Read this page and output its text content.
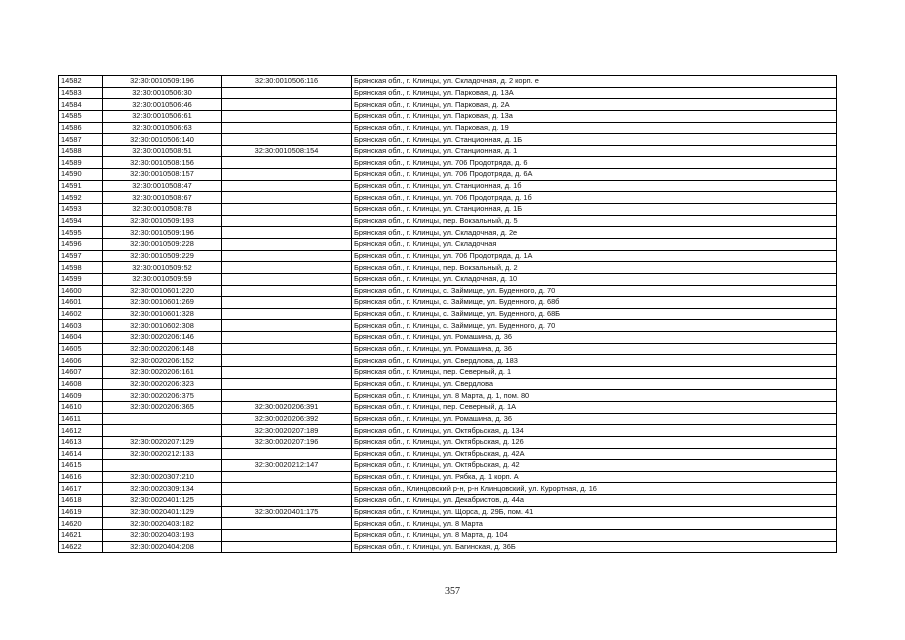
14582	32:30:0010509:196	32:30:0010506:116	Брянская обл., г. Клинцы, ул. Складочная, д. 2 корп. е
14583	32:30:0010506:30		Брянская обл., г. Клинцы, ул. Парковая, д. 13А
14584	32:30:0010506:46		Брянская обл., г. Клинцы, ул. Парковая, д. 2А
14585	32:30:0010506:61		Брянская обл., г. Клинцы, ул. Парковая, д. 13а
14586	32:30:0010506:63		Брянская обл., г. Клинцы, ул. Парковая, д. 19
14587	32:30:0010506:140		Брянская обл., г. Клинцы, ул. Станционная, д. 1Б
14588	32:30:0010508:51	32:30:0010508:154	Брянская обл., г. Клинцы, ул. Станционная, д. 1
14589	32:30:0010508:156		Брянская обл., г. Клинцы, ул. 706 Продотряда, д. 6
14590	32:30:0010508:157		Брянская обл., г. Клинцы, ул. 706 Продотряда, д. 6А
14591	32:30:0010508:47		Брянская обл., г. Клинцы, ул. Станционная, д. 1б
14592	32:30:0010508:67		Брянская обл., г. Клинцы, ул. 706 Продотряда, д. 1б
14593	32:30:0010508:78		Брянская обл., г. Клинцы, ул. Станционная, д. 1Б
14594	32:30:0010509:193		Брянская обл., г. Клинцы, пер. Вокзальный, д. 5
14595	32:30:0010509:196		Брянская обл., г. Клинцы, ул. Складочная, д. 2е
14596	32:30:0010509:228		Брянская обл., г. Клинцы, ул. Складочная
14597	32:30:0010509:229		Брянская обл., г. Клинцы, ул. 706 Продотряда, д. 1А
14598	32:30:0010509:52		Брянская обл., г. Клинцы, пер. Вокзальный, д. 2
14599	32:30:0010509:59		Брянская обл., г. Клинцы, ул. Складочная, д. 10
14600	32:30:0010601:220		Брянская обл., г. Клинцы, с. Займище, ул. Буденного, д. 70
14601	32:30:0010601:269		Брянская обл., г. Клинцы, с. Займище, ул. Буденного, д. 68б
14602	32:30:0010601:328		Брянская обл., г. Клинцы, с. Займище, ул. Буденного, д. 68Б
14603	32:30:0010602:308		Брянская обл., г. Клинцы, с. Займище, ул. Буденного, д. 70
14604	32:30:0020206:146		Брянская обл., г. Клинцы, ул. Ромашина, д. 36
14605	32:30:0020206:148		Брянская обл., г. Клинцы, ул. Ромашина, д. 36
14606	32:30:0020206:152		Брянская обл., г. Клинцы, ул. Свердлова, д. 183
14607	32:30:0020206:161		Брянская обл., г. Клинцы, пер. Северный, д. 1
14608	32:30:0020206:323		Брянская обл., г. Клинцы, ул. Свердлова
14609	32:30:0020206:375		Брянская обл., г. Клинцы, ул. 8 Марта, д. 1, пом. 80
14610	32:30:0020206:365	32:30:0020206:391	Брянская обл., г. Клинцы, пер. Северный, д. 1А
14611		32:30:0020206:392	Брянская обл., г. Клинцы, ул. Ромашина, д. 36
14612		32:30:0020207:189	Брянская обл., г. Клинцы, ул. Октябрьская, д. 134
14613	32:30:0020207:129	32:30:0020207:196	Брянская обл., г. Клинцы, ул. Октябрьская, д. 126
14614	32:30:0020212:133		Брянская обл., г. Клинцы, ул. Октябрьская, д. 42А
14615		32:30:0020212:147	Брянская обл., г. Клинцы, ул. Октябрьская, д. 42
14616	32:30:0020307:210		Брянская обл., г. Клинцы, ул. Рябка, д. 1 корп. А
14617	32:30:0020309:134		Брянская обл., Клинцовский р-н, р-н Клинцовский, ул. Курортная, д. 16
14618	32:30:0020401:125		Брянская обл., г. Клинцы, ул. Декабристов, д. 44а
14619	32:30:0020401:129	32:30:0020401:175	Брянская обл., г. Клинцы, ул. Щорса, д. 29Б, пом. 41
14620	32:30:0020403:182		Брянская обл., г. Клинцы, ул. 8 Марта
14621	32:30:0020403:193		Брянская обл., г. Клинцы, ул. 8 Марта, д. 104
14622	32:30:0020404:208		Брянская обл., г. Клинцы, ул. Багинская, д. 36Б
357
